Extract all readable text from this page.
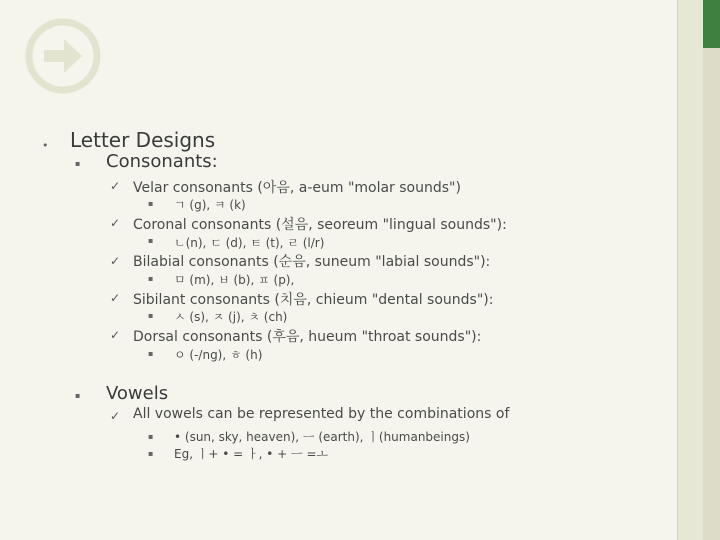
• Letter Designs
▪ Consonants:
✓ Velar consonants (아음, a-eum "molar sounds")
▪ ㄱ (g), ㅋ (k)
✓ Coronal consonants (설음, seoreum "lingual sounds"):
▪ ㄴ(n), ㄷ (d), ㅌ (t), ㄹ (l/r)
✓ Bilabial consonants (순음, suneum "labial sounds"):
▪ ㅁ (m), ㅂ (b), ㅍ (p),
✓ Sibilant consonants (치음, chieum "dental sounds"):
▪ ㅅ (s), ㅈ (j), ㅊ (ch)
✓ Dorsal consonants (후음, hueum "throat sounds"):
▪ ㅇ (-/ng), ㅎ (h)
▪ Vowels
✓ All vowels can be represented by the combinations of
▪ • (sun, sky, heaven), ㅡ (earth), ㅣ(humanbeings)
▪ Eg, ㅣ+ • = ㅏ, • + ㅡ =ㅗ
